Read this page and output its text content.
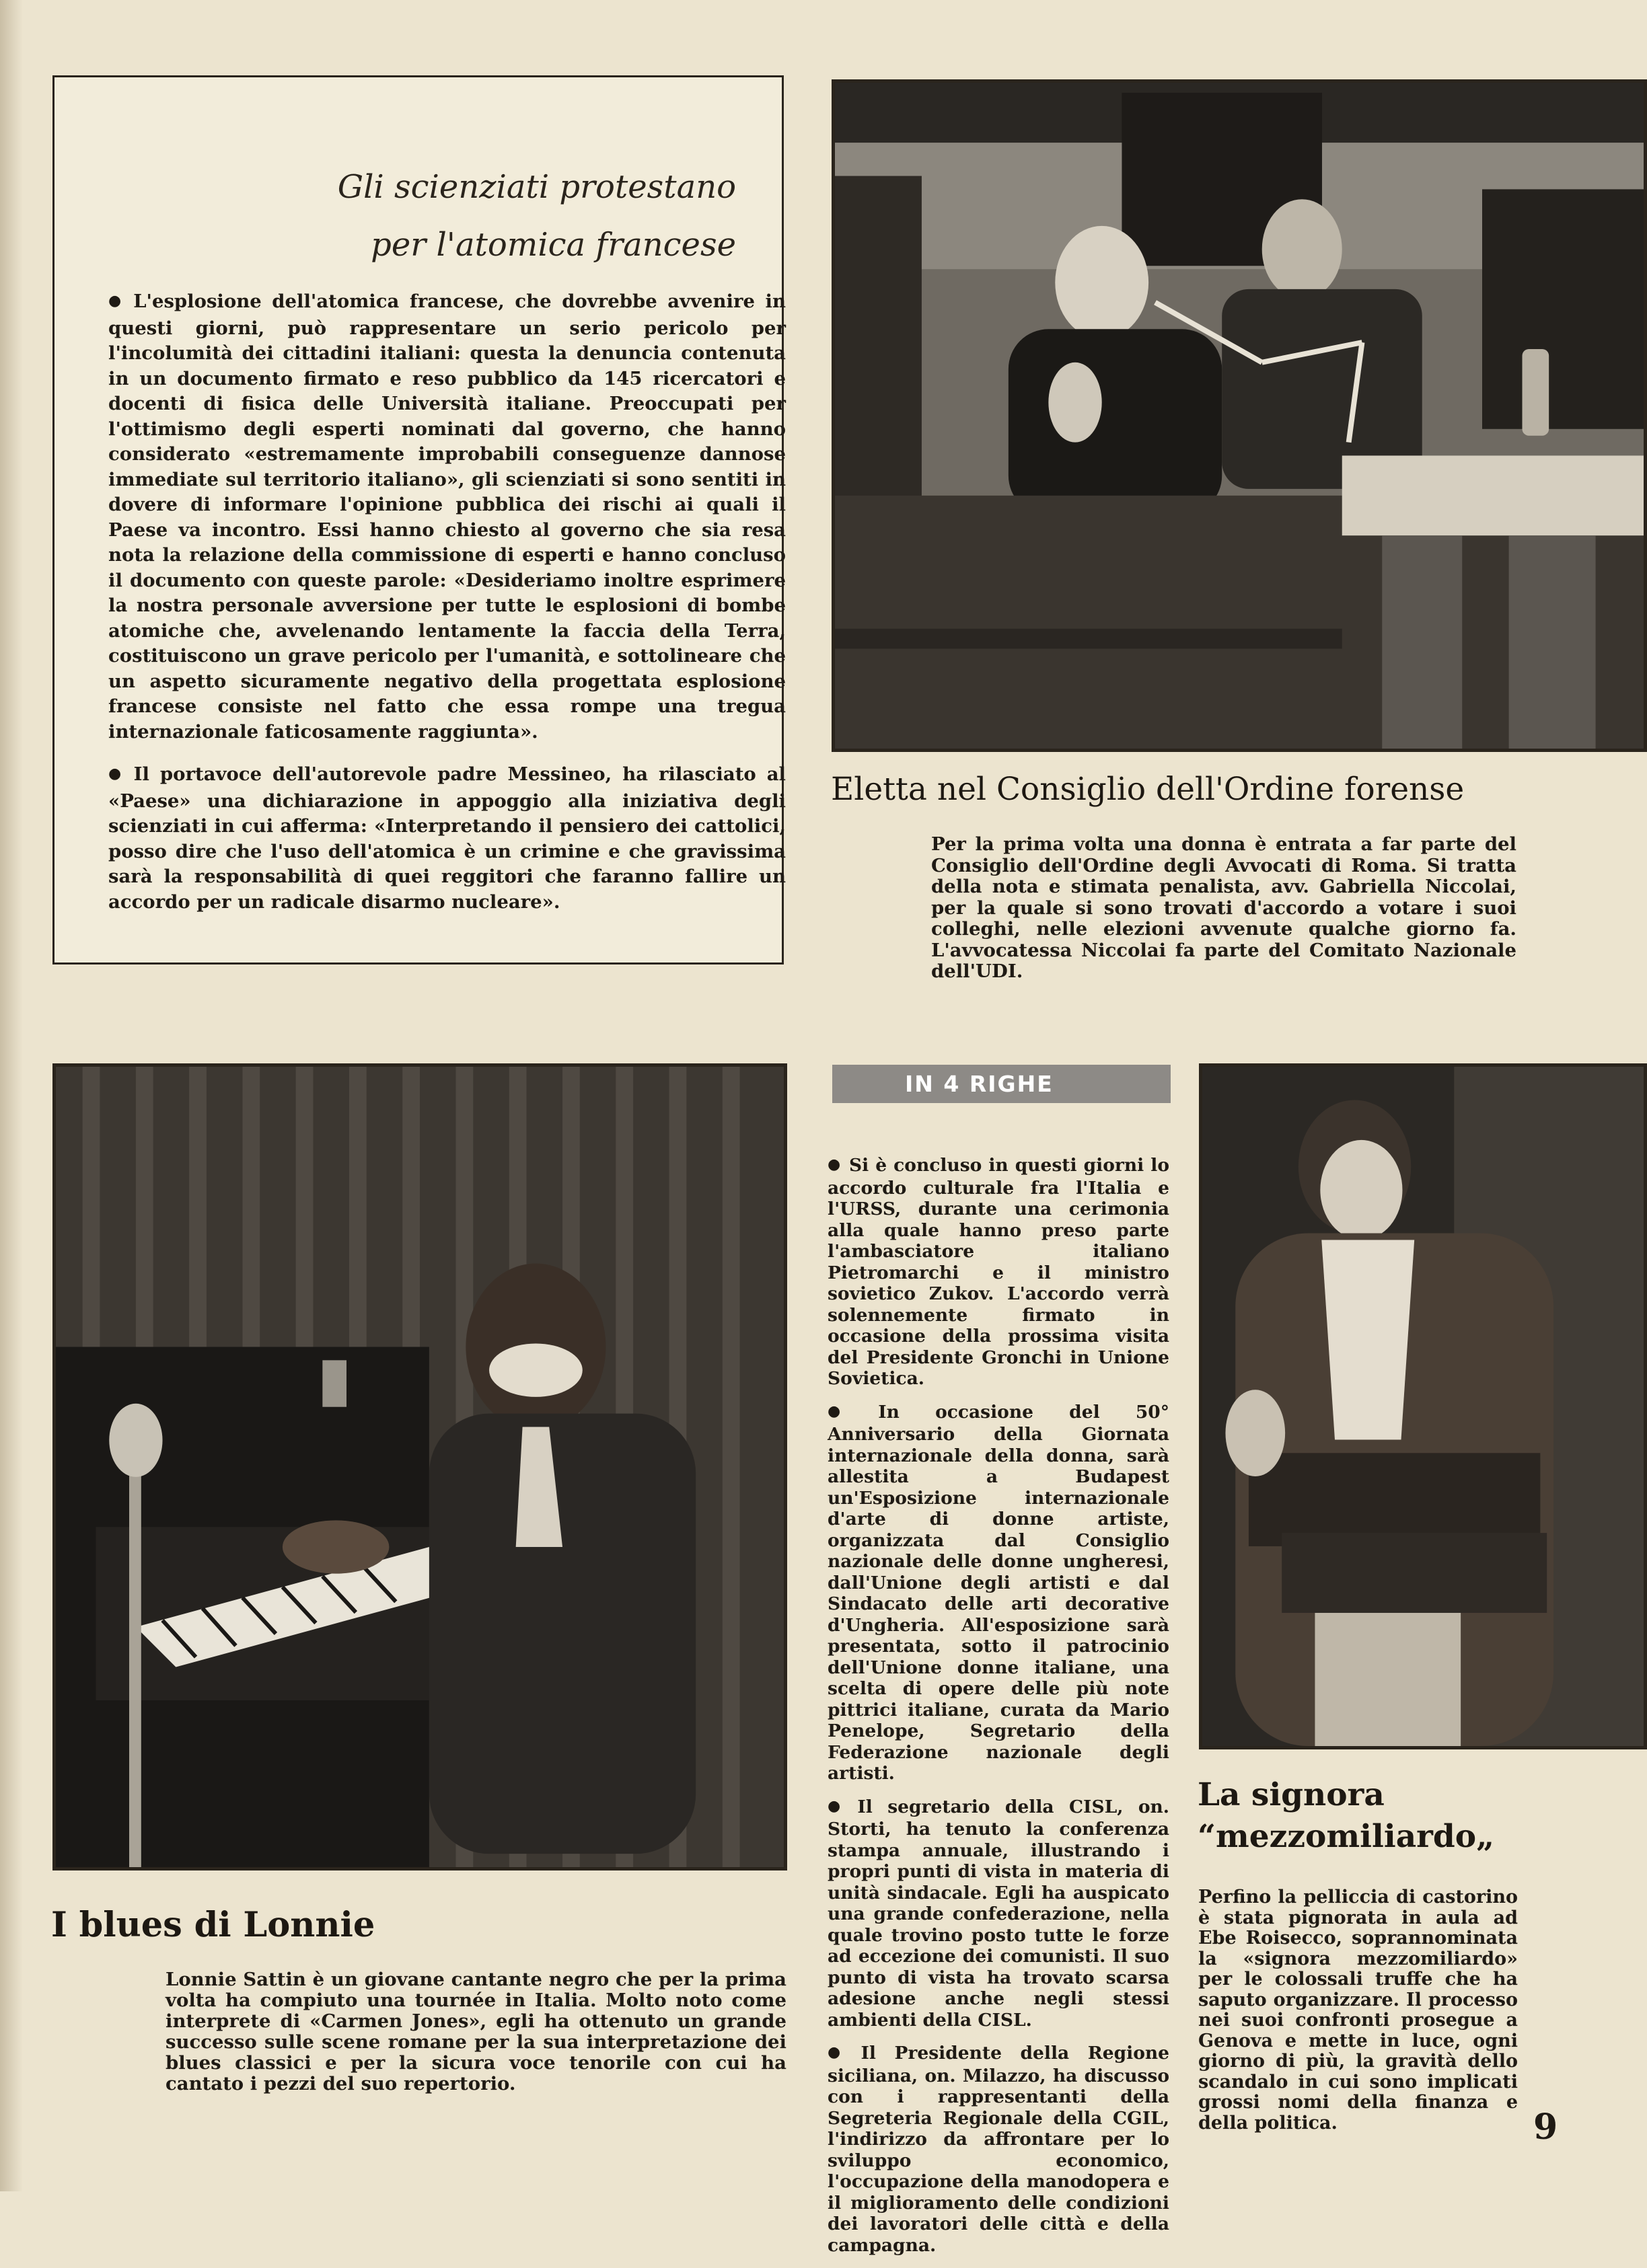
Gli scienziati protestano
per l'atomica francese

● L'esplosione dell'atomica francese, che dovrebbe avvenire in questi giorni, può rappresentare un serio pericolo per l'incolumità dei cittadini italiani: questa la denuncia contenuta in un documento firmato e reso pubblico da 145 ricercatori e docenti di fisica delle Università italiane. Preoccupati per l'ottimismo degli esperti nominati dal governo, che hanno considerato «estremamente improbabili conseguenze dannose immediate sul territorio italiano», gli scienziati si sono sentiti in dovere di informare l'opinione pubblica dei rischi ai quali il Paese va incontro. Essi hanno chiesto al governo che sia resa nota la relazione della commissione di esperti e hanno concluso il documento con queste parole: «Desideriamo inoltre esprimere la nostra personale avversione per tutte le esplosioni di bombe atomiche che, avvelenando lentamente la faccia della Terra, costituiscono un grave pericolo per l'umanità, e sottolineare che un aspetto sicuramente negativo della progettata esplosione francese consiste nel fatto che essa rompe una tregua internazionale faticosamente raggiunta».

● Il portavoce dell'autorevole padre Messineo, ha rilasciato al «Paese» una dichiarazione in appoggio alla iniziativa degli scienziati in cui afferma: «Interpretando il pensiero dei cattolici, posso dire che l'uso dell'atomica è un crimine e che gravissima sarà la responsabilità di quei reggitori che faranno fallire un accordo per un radicale disarmo nucleare».

Eletta nel Consiglio dell'Ordine forense

Per la prima volta una donna è entrata a far parte del Consiglio dell'Ordine degli Avvocati di Roma. Si tratta della nota e stimata penalista, avv. Gabriella Niccolai, per la quale si sono trovati d'accordo a votare i suoi colleghi, nelle elezioni avvenute qualche giorno fa. L'avvocatessa Niccolai fa parte del Comitato Nazionale dell'UDI.

I blues di Lonnie

Lonnie Sattin è un giovane cantante negro che per la prima volta ha compiuto una tournée in Italia. Molto noto come interprete di «Carmen Jones», egli ha ottenuto un grande successo sulle scene romane per la sua interpretazione dei blues classici e per la sicura voce tenorile con cui ha cantato i pezzi del suo repertorio.

IN 4 RIGHE

● Si è concluso in questi giorni lo accordo culturale fra l'Italia e l'URSS, durante una cerimonia alla quale hanno preso parte l'ambasciatore italiano Pietromarchi e il ministro sovietico Zukov. L'accordo verrà solennemente firmato in occasione della prossima visita del Presidente Gronchi in Unione Sovietica.

● In occasione del 50° Anniversario della Giornata internazionale della donna, sarà allestita a Budapest un'Esposizione internazionale d'arte di donne artiste, organizzata dal Consiglio nazionale delle donne ungheresi, dall'Unione degli artisti e dal Sindacato delle arti decorative d'Ungheria. All'esposizione sarà presentata, sotto il patrocinio dell'Unione donne italiane, una scelta di opere delle più note pittrici italiane, curata da Mario Penelope, Segretario della Federazione nazionale degli artisti.

● Il segretario della CISL, on. Storti, ha tenuto la conferenza stampa annuale, illustrando i propri punti di vista in materia di unità sindacale. Egli ha auspicato una grande confederazione, nella quale trovino posto tutte le forze ad eccezione dei comunisti. Il suo punto di vista ha trovato scarsa adesione anche negli stessi ambienti della CISL.

● Il Presidente della Regione siciliana, on. Milazzo, ha discusso con i rappresentanti della Segreteria Regionale della CGIL, l'indirizzo da affrontare per lo sviluppo economico, l'occupazione della manodopera e il miglioramento delle condizioni dei lavoratori delle città e della campagna.

La signora
“mezzomiliardo„

Perfino la pelliccia di castorino è stata pignorata in aula ad Ebe Roisecco, soprannominata la «signora mezzomiliardo» per le colossali truffe che ha saputo organizzare. Il processo nei suoi confronti prosegue a Genova e mette in luce, ogni giorno di più, la gravità dello scandalo in cui sono implicati grossi nomi della finanza e della politica.	9
